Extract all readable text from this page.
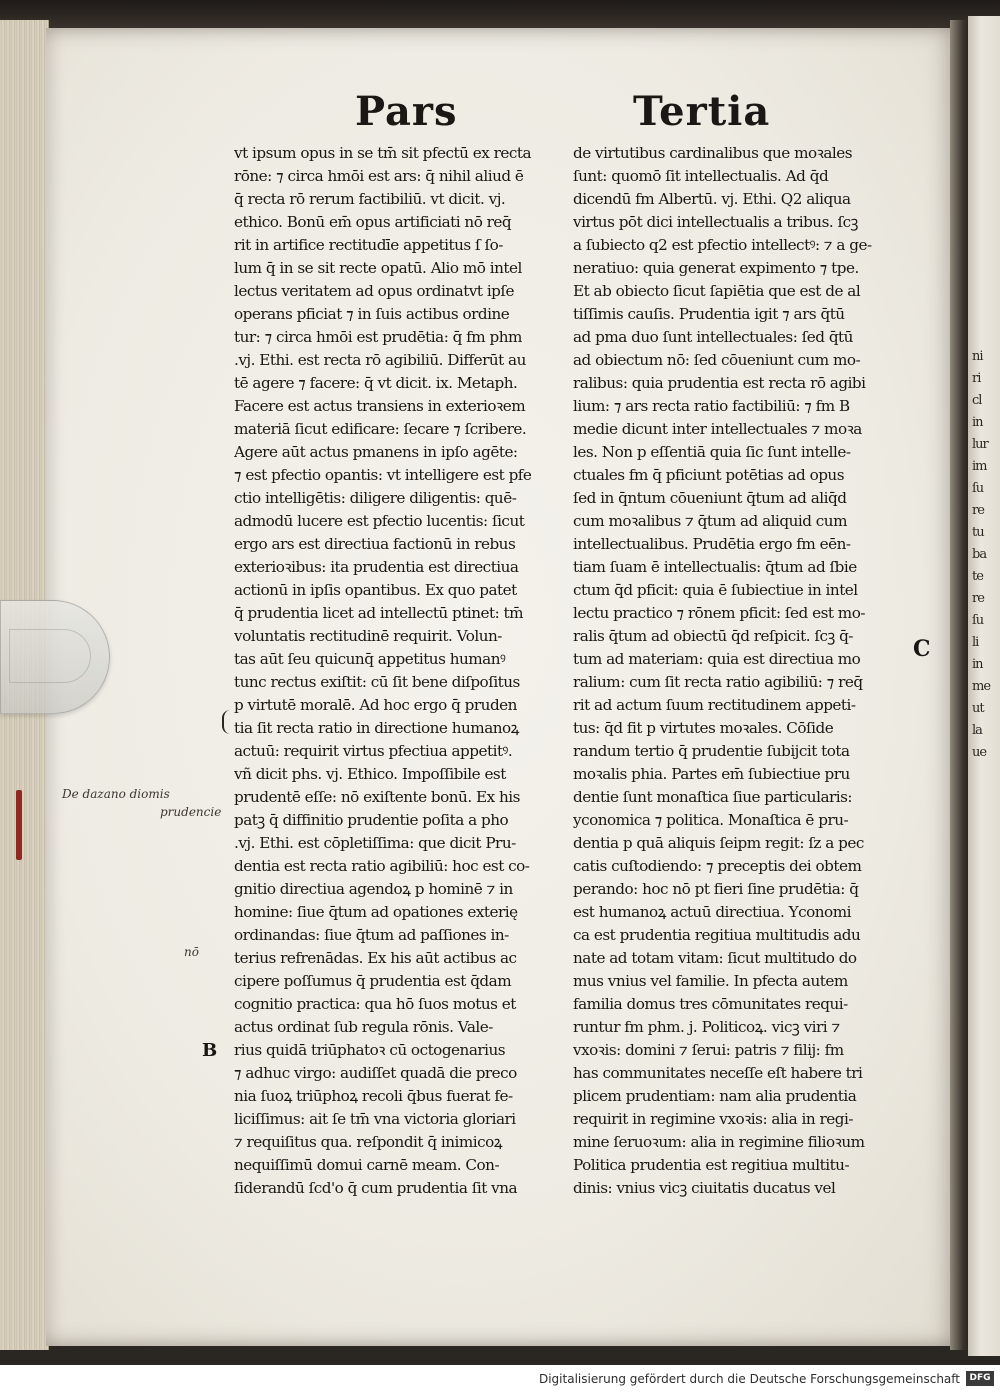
ni
ri
cl
in
lur
im
ſu
re
tu
ba
te
re
ſu
li
in
me
ut
la
ue
Pars	Tertia
vt ipsum opus in se tm̄ sit pfectū ex recta
rōne: ⁊ circa hmōi est ars: q̄ nihil aliud ē
q̄ recta rō rerum factibiliū. vt dicit. vj.
ethico. Bonū em̄ opus artificiati nō req̄
rit in artifice rectitudīe appetitus ſ ſo-
lum q̄ in se sit recte opatū. Alio mō intel
lectus veritatem ad opus ordinatvt ipſe
operans pficiat ⁊ in ſuis actibus ordine
tur: ⁊ circa hmōi est prudētia: q̄ fm phm
.vj. Ethi. est recta rō agibiliū. Differūt au
tē agere ⁊ facere: q̄ vt dicit. ix. Metaph.
Facere est actus transiens in exterioꝛem
materiā ſicut edificare: ſecare ⁊ ſcribere.
Agere aūt actus pmanens in ipſo agēte:
⁊ est pfectio opantis: vt intelligere est pfe
ctio intelligētis: diligere diligentis: quē-
admodū lucere est pfectio lucentis: ſicut
ergo ars est directiua factionū in rebus
exterioꝛibus: ita prudentia est directiua
actionū in ipſis opantibus. Ex quo patet
q̄ prudentia licet ad intellectū ptinet: tm̄
voluntatis rectitudinē requirit. Volun-
tas aūt ſeu quicunq̄ appetitus humanꝰ
tunc rectus exiſtit: cū ſit bene diſpoſitus
p virtutē moralē. Ad hoc ergo q̄ pruden
tia ſit recta ratio in directione humanoꝝ
actuū: requirit virtus pfectiua appetitꝰ.
vñ dicit phs. vj. Ethico. Impoſſibile est
prudentē eſſe: nō exiſtente bonū. Ex his
patꝫ q̄ diffinitio prudentie poſita a pho
.vj. Ethi. est cōpletiſſima: que dicit Pru-
dentia est recta ratio agibiliū: hoc est co-
gnitio directiua agendoꝝ p hominē ⁊ in
homine: ſiue q̄tum ad opationes exterię
ordinandas: ſiue q̄tum ad paſſiones in-
terius refrenādas. Ex his aūt actibus ac
cipere poſſumus q̄ prudentia est q̄dam
cognitio practica: qua hō ſuos motus et
actus ordinat ſub regula rōnis. Vale-
rius quidā triūphatoꝛ cū octogenarius
⁊ adhuc virgo: audiſſet quadā die preco
nia ſuoꝝ triūphoꝝ recoli q̄bus fuerat fe-
liciſſimus: ait ſe tm̄ vna victoria gloriari
⁊ requiſitus qua. reſpondit q̄ inimicoꝝ
nequiſſimū domui carnē meam. Con-
ſiderandū ſcd'o q̄ cum prudentia ſit vna
de virtutibus cardinalibus que moꝛales
ſunt: quomō ſit intellectualis. Ad q̄d
dicendū fm Albertū. vj. Ethi. Q2 aliqua
virtus pōt dici intellectualis a tribus. ſcꝫ
a ſubiecto q2 est pfectio intellectꝰ: ⁊ a ge-
neratiuo: quia generat expimento ⁊ tpe.
Et ab obiecto ſicut ſapiētia que est de al
tiſſimis cauſis. Prudentia igit ⁊ ars q̄tū
ad pma duo ſunt intellectuales: ſed q̄tū
ad obiectum nō: ſed cōueniunt cum mo-
ralibus: quia prudentia est recta rō agibi
lium: ⁊ ars recta ratio factibiliū: ⁊ fm B
medie dicunt inter intellectuales ⁊ moꝛa
les. Non p eſſentiā quia ſic ſunt intelle-
ctuales fm q̄ pficiunt potētias ad opus
ſed in q̄ntum cōueniunt q̄tum ad aliq̄d
cum moꝛalibus ⁊ q̄tum ad aliquid cum
intellectualibus. Prudētia ergo fm eēn-
tiam ſuam ē intellectualis: q̄tum ad ſbie
ctum q̄d pficit: quia ē ſubiectiue in intel
lectu practico ⁊ rōnem pficit: ſed est mo-
ralis q̄tum ad obiectū q̄d reſpicit. ſcꝫ q̄-
tum ad materiam: quia est directiua mo
ralium: cum ſit recta ratio agibiliū: ⁊ req̄
rit ad actum ſuum rectitudinem appeti-
tus: q̄d fit p virtutes moꝛales. Cōſide
randum tertio q̄ prudentie ſubijcit tota
moꝛalis phia. Partes em̄ ſubiectiue pru
dentie ſunt monaſtica ſiue particularis:
yconomica ⁊ politica. Monaſtica ē pru-
dentia p quā aliquis ſeipm regit: ſz a pec
catis cuſtodiendo: ⁊ preceptis dei obtem
perando: hoc nō pt fieri ſine prudētia: q̄
est humanoꝝ actuū directiua. Yconomi
ca est prudentia regitiua multitudis adu
nate ad totam vitam: ſicut multitudo do
mus vnius vel familie. In pfecta autem
familia domus tres cōmunitates requi-
runtur fm phm. j. Politicoꝝ. vicꝫ viri ⁊
vxoꝛis: domini ⁊ ſerui: patris ⁊ filij: fm
has communitates neceſſe eſt habere tri
plicem prudentiam: nam alia prudentia
requirit in regimine vxoꝛis: alia in regi-
mine ſeruoꝛum: alia in regimine filioꝛum
Politica prudentia est regitiua multitu-
dinis: vnius vicꝫ ciuitatis ducatus vel
De dazano diomis
prudencie
nō
B
C
Digitalisierung gefördert durch die Deutsche Forschungsgemeinschaft	DFG
